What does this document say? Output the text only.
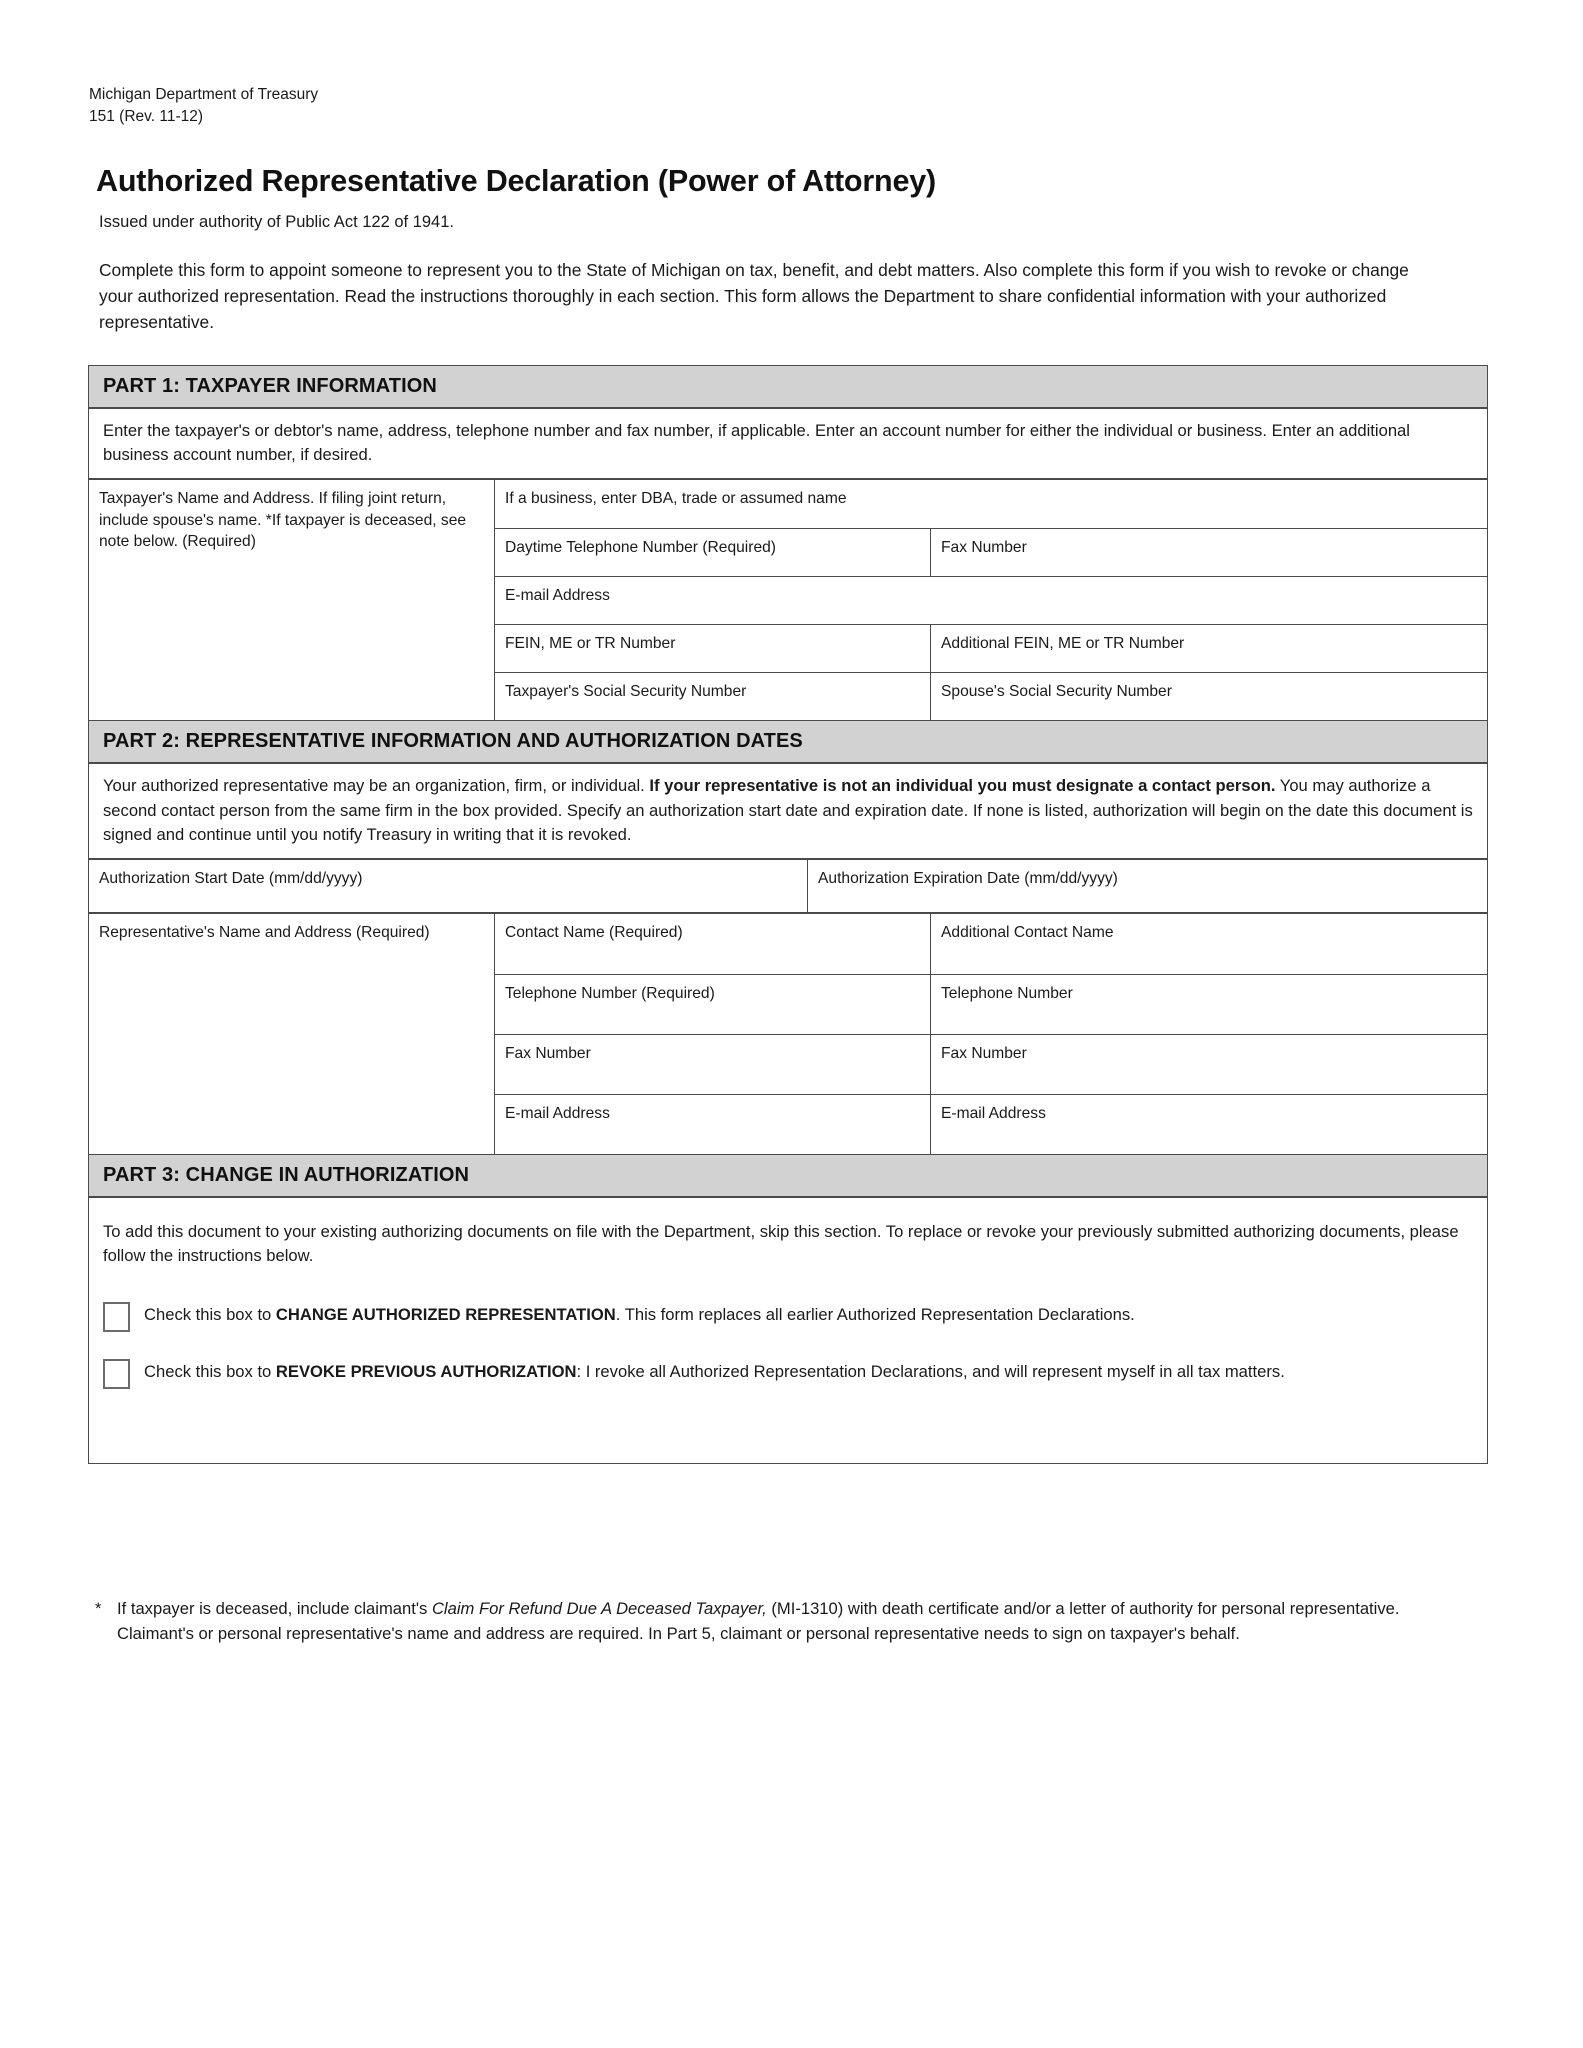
Michigan Department of Treasury
151 (Rev. 11-12)
Authorized Representative Declaration (Power of Attorney)
Issued under authority of Public Act 122 of 1941.
Complete this form to appoint someone to represent you to the State of Michigan on tax, benefit, and debt matters. Also complete this form if you wish to revoke or change your authorized representation. Read the instructions thoroughly in each section. This form allows the Department to share confidential information with your authorized representative.
PART 1: TAXPAYER INFORMATION
Enter the taxpayer's or debtor's name, address, telephone number and fax number, if applicable. Enter an account number for either the individual or business. Enter an additional business account number, if desired.
Taxpayer's Name and Address. If filing joint return, include spouse's name. *If taxpayer is deceased, see note below. (Required)
If a business, enter DBA, trade or assumed name
Daytime Telephone Number (Required)	Fax Number
E-mail Address
FEIN, ME or TR Number	Additional FEIN, ME or TR Number
Taxpayer's Social Security Number	Spouse's Social Security Number
PART 2: REPRESENTATIVE INFORMATION AND AUTHORIZATION DATES
Your authorized representative may be an organization, firm, or individual. If your representative is not an individual you must designate a contact person. You may authorize a second contact person from the same firm in the box provided. Specify an authorization start date and expiration date. If none is listed, authorization will begin on the date this document is signed and continue until you notify Treasury in writing that it is revoked.
Authorization Start Date (mm/dd/yyyy)	Authorization Expiration Date (mm/dd/yyyy)
Representative's Name and Address (Required)	Contact Name (Required)	Additional Contact Name
Telephone Number (Required)	Telephone Number
Fax Number	Fax Number
E-mail Address	E-mail Address
PART 3: CHANGE IN AUTHORIZATION
To add this document to your existing authorizing documents on file with the Department, skip this section. To replace or revoke your previously submitted authorizing documents, please follow the instructions below.
Check this box to CHANGE AUTHORIZED REPRESENTATION. This form replaces all earlier Authorized Representation Declarations.
Check this box to REVOKE PREVIOUS AUTHORIZATION: I revoke all Authorized Representation Declarations, and will represent myself in all tax matters.
* If taxpayer is deceased, include claimant's Claim For Refund Due A Deceased Taxpayer, (MI-1310) with death certificate and/or a letter of authority for personal representative. Claimant's or personal representative's name and address are required. In Part 5, claimant or personal representative needs to sign on taxpayer's behalf.
